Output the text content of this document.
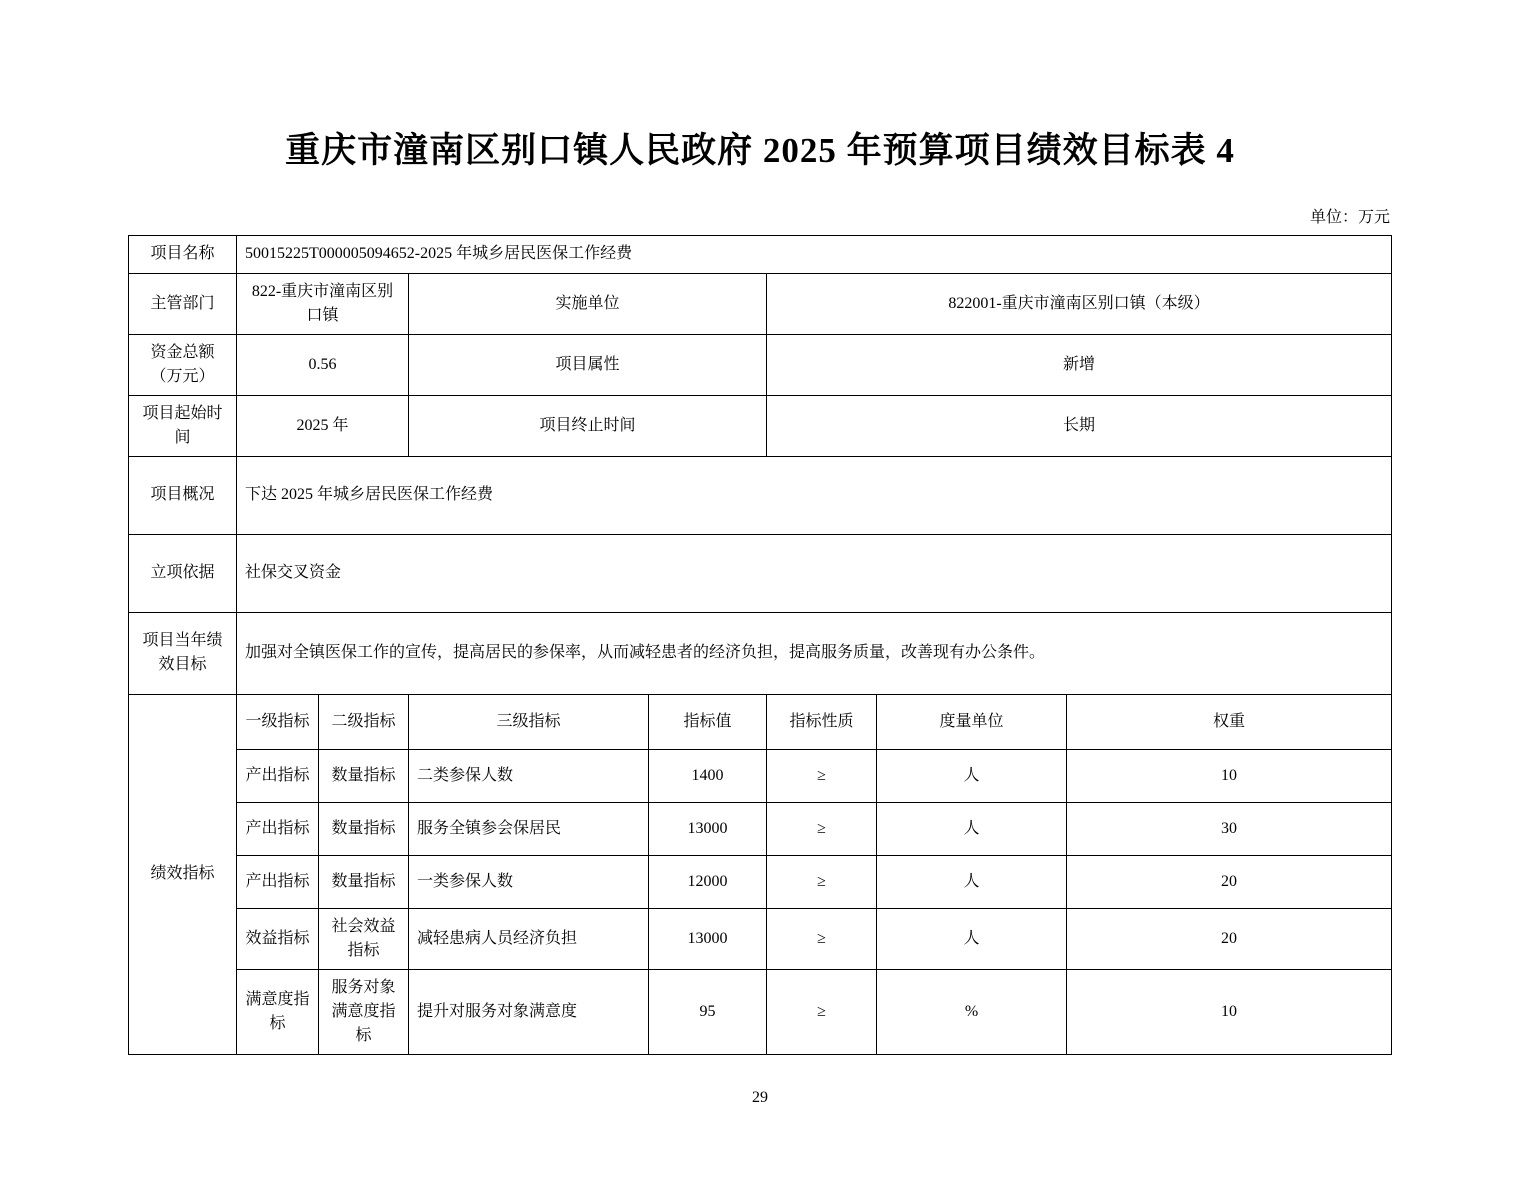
重庆市潼南区别口镇人民政府 2025 年预算项目绩效目标表 4
单位：万元
项目名称	50015225T000005094652-2025 年城乡居民医保工作经费						
主管部门	822-重庆市潼南区别口镇		实施单位		822001-重庆市潼南区别口镇（本级）		
资金总额（万元）	0.56		项目属性		新增		
项目起始时间	2025 年		项目终止时间		长期		
项目概况	下达 2025 年城乡居民医保工作经费						
立项依据	社保交叉资金						
项目当年绩效目标	加强对全镇医保工作的宣传，提高居民的参保率，从而减轻患者的经济负担，提高服务质量，改善现有办公条件。						
绩效指标	一级指标	二级指标	三级指标	指标值	指标性质	度量单位	权重
	产出指标	数量指标	二类参保人数	1400	≥	人	10
	产出指标	数量指标	服务全镇参会保居民	13000	≥	人	30
	产出指标	数量指标	一类参保人数	12000	≥	人	20
	效益指标	社会效益指标	减轻患病人员经济负担	13000	≥	人	20
	满意度指标	服务对象满意度指标	提升对服务对象满意度	95	≥	%	10
29
